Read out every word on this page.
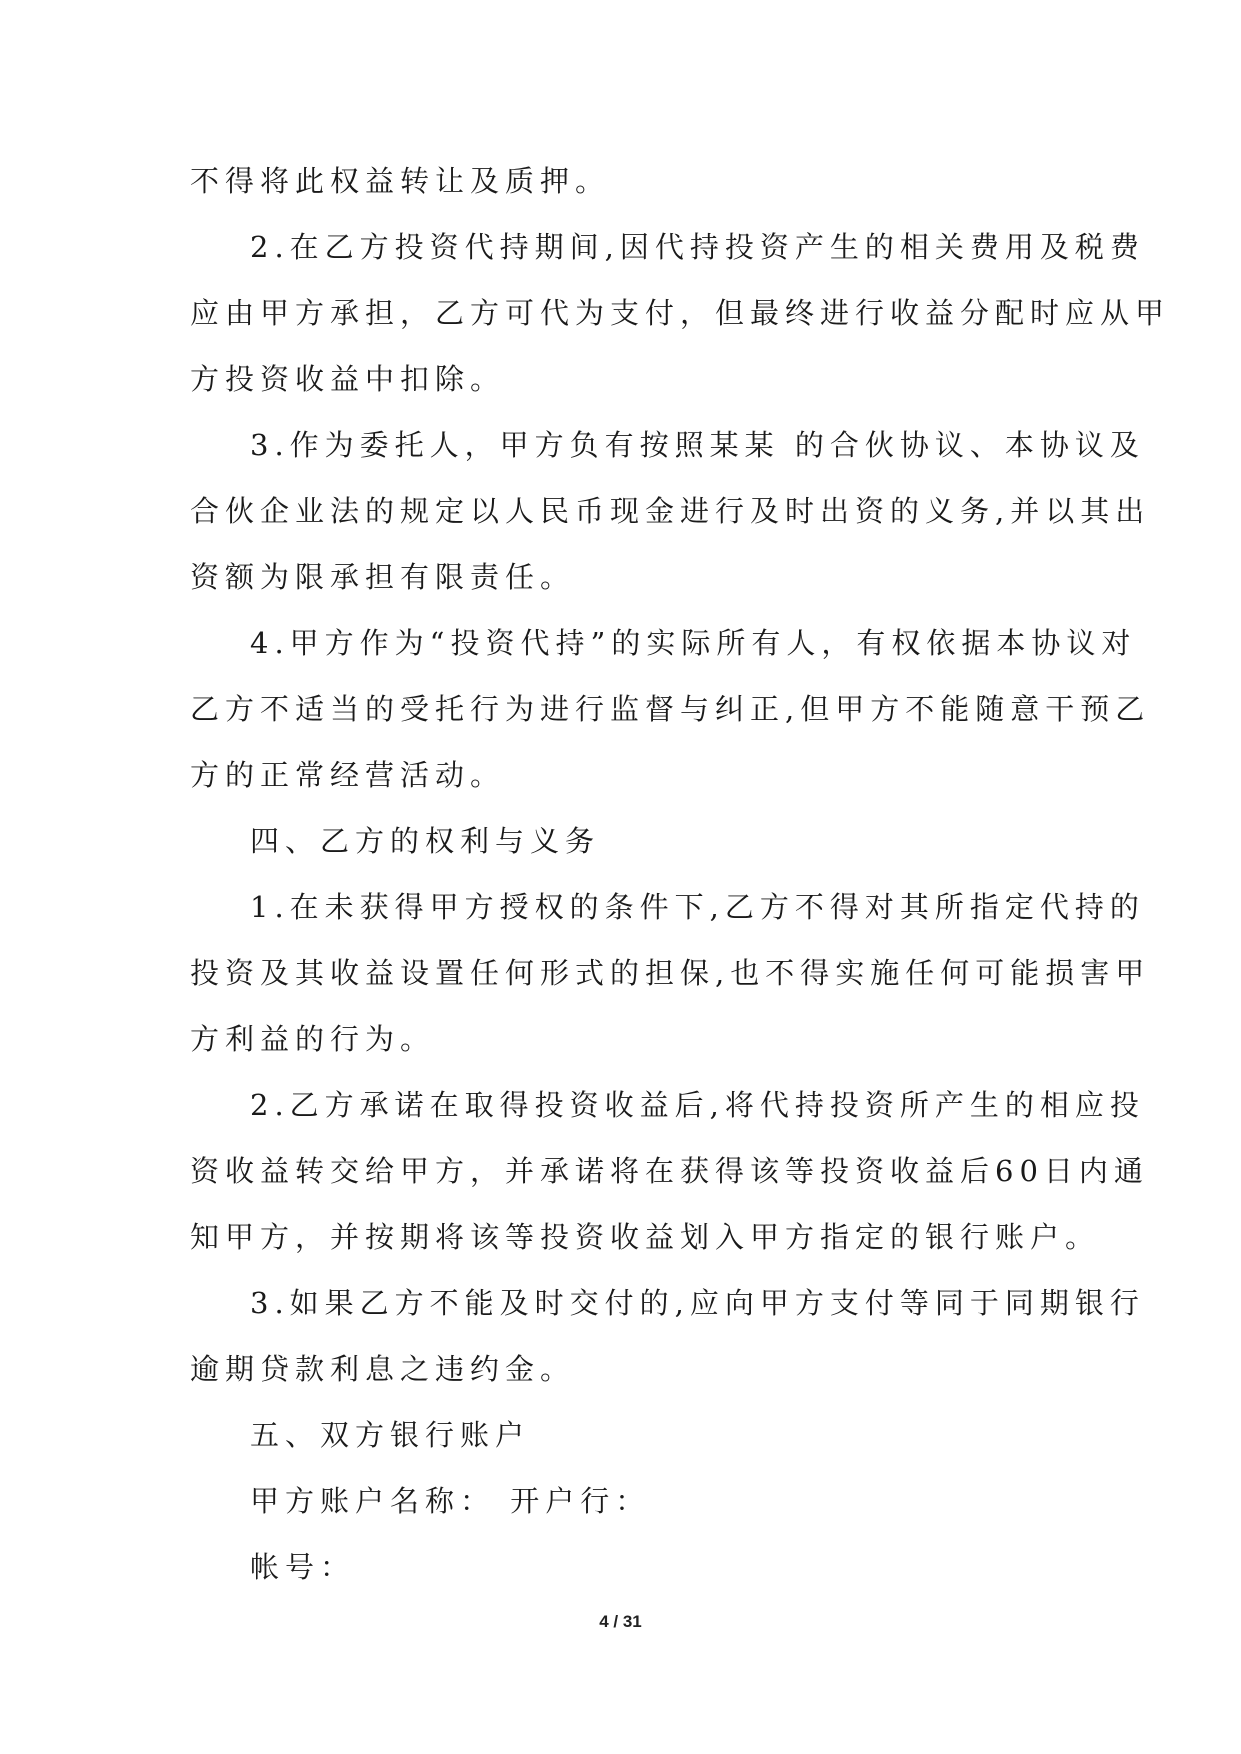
不得将此权益转让及质押。
2.在乙方投资代持期间,因代持投资产生的相关费用及税费
应由甲方承担，乙方可代为支付，但最终进行收益分配时应从甲
方投资收益中扣除。
3.作为委托人，甲方负有按照某某 的合伙协议、本协议及
合伙企业法的规定以人民币现金进行及时出资的义务,并以其出
资额为限承担有限责任。
4.甲方作为“投资代持”的实际所有人，有权依据本协议对
乙方不适当的受托行为进行监督与纠正,但甲方不能随意干预乙
方的正常经营活动。
四、乙方的权利与义务
1.在未获得甲方授权的条件下,乙方不得对其所指定代持的
投资及其收益设置任何形式的担保,也不得实施任何可能损害甲
方利益的行为。
2.乙方承诺在取得投资收益后,将代持投资所产生的相应投
资收益转交给甲方，并承诺将在获得该等投资收益后60日内通
知甲方，并按期将该等投资收益划入甲方指定的银行账户。
3.如果乙方不能及时交付的,应向甲方支付等同于同期银行
逾期贷款利息之违约金。
五、双方银行账户
甲方账户名称： 开户行：
帐号：
4 / 31
